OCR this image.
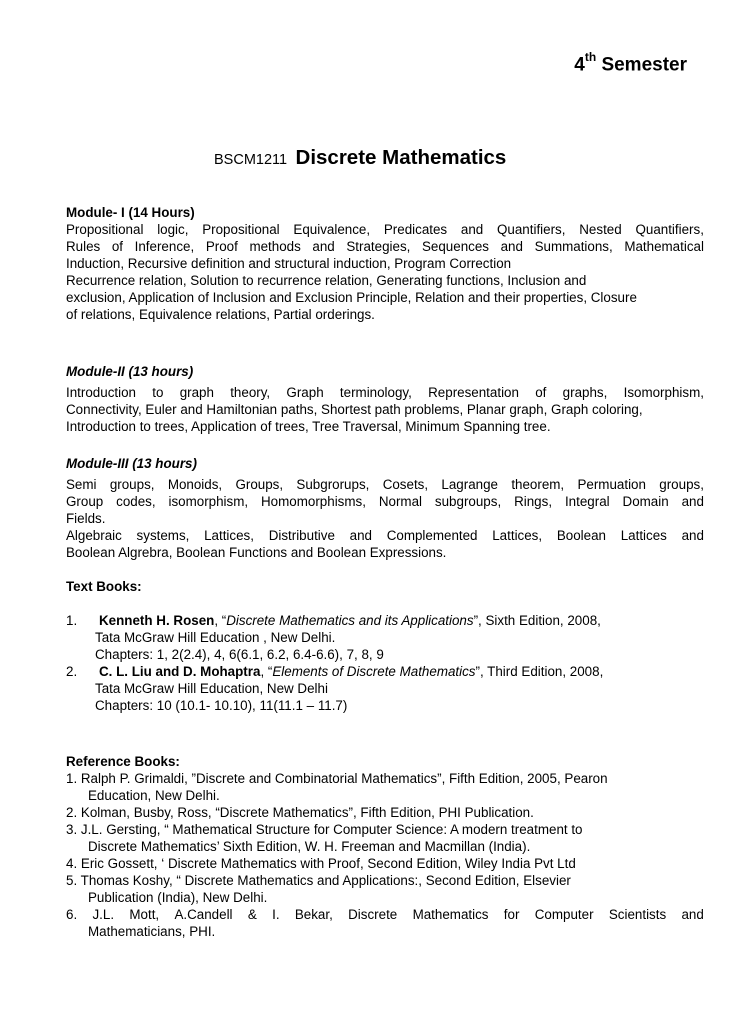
4th Semester
BSCM1211 Discrete Mathematics
Module- I (14 Hours)
Propositional logic, Propositional Equivalence, Predicates and Quantifiers, Nested Quantifiers,
Rules of Inference, Proof methods and Strategies, Sequences and Summations, Mathematical
Induction, Recursive definition and structural induction, Program Correction
Recurrence relation, Solution to recurrence relation, Generating functions, Inclusion and
exclusion, Application of Inclusion and Exclusion Principle, Relation and their properties, Closure
of relations, Equivalence relations, Partial orderings.
Module-II (13 hours)
Introduction to graph theory, Graph terminology, Representation of graphs, Isomorphism,
Connectivity, Euler and Hamiltonian paths, Shortest path problems, Planar graph, Graph coloring,
Introduction to trees, Application of trees, Tree Traversal, Minimum Spanning tree.
Module-III (13 hours)
Semi groups, Monoids, Groups, Subgrorups, Cosets, Lagrange theorem, Permuation groups,
Group codes, isomorphism, Homomorphisms, Normal subgroups, Rings, Integral Domain and
Fields.
Algebraic systems, Lattices, Distributive and Complemented Lattices, Boolean Lattices and
Boolean Algrebra, Boolean Functions and Boolean Expressions.
Text Books:
1. Kenneth H. Rosen, “Discrete Mathematics and its Applications”, Sixth Edition, 2008,
Tata McGraw Hill Education , New Delhi.
Chapters: 1, 2(2.4), 4, 6(6.1, 6.2, 6.4-6.6), 7, 8, 9
2. C. L. Liu and D. Mohaptra, “Elements of Discrete Mathematics”, Third Edition, 2008,
Tata McGraw Hill Education, New Delhi
Chapters: 10 (10.1- 10.10), 11(11.1 – 11.7)
Reference Books:
1. Ralph P. Grimaldi, ”Discrete and Combinatorial Mathematics”, Fifth Edition, 2005, Pearon
Education, New Delhi.
2. Kolman, Busby, Ross, “Discrete Mathematics”, Fifth Edition, PHI Publication.
3. J.L. Gersting, “ Mathematical Structure for Computer Science: A modern treatment to
Discrete Mathematics’ Sixth Edition, W. H. Freeman and Macmillan (India).
4. Eric Gossett, ‘ Discrete Mathematics with Proof, Second Edition, Wiley India Pvt Ltd
5. Thomas Koshy, “ Discrete Mathematics and Applications:, Second Edition, Elsevier
Publication (India), New Delhi.
6. J.L. Mott, A.Candell & I. Bekar, Discrete Mathematics for Computer Scientists and
Mathematicians, PHI.
